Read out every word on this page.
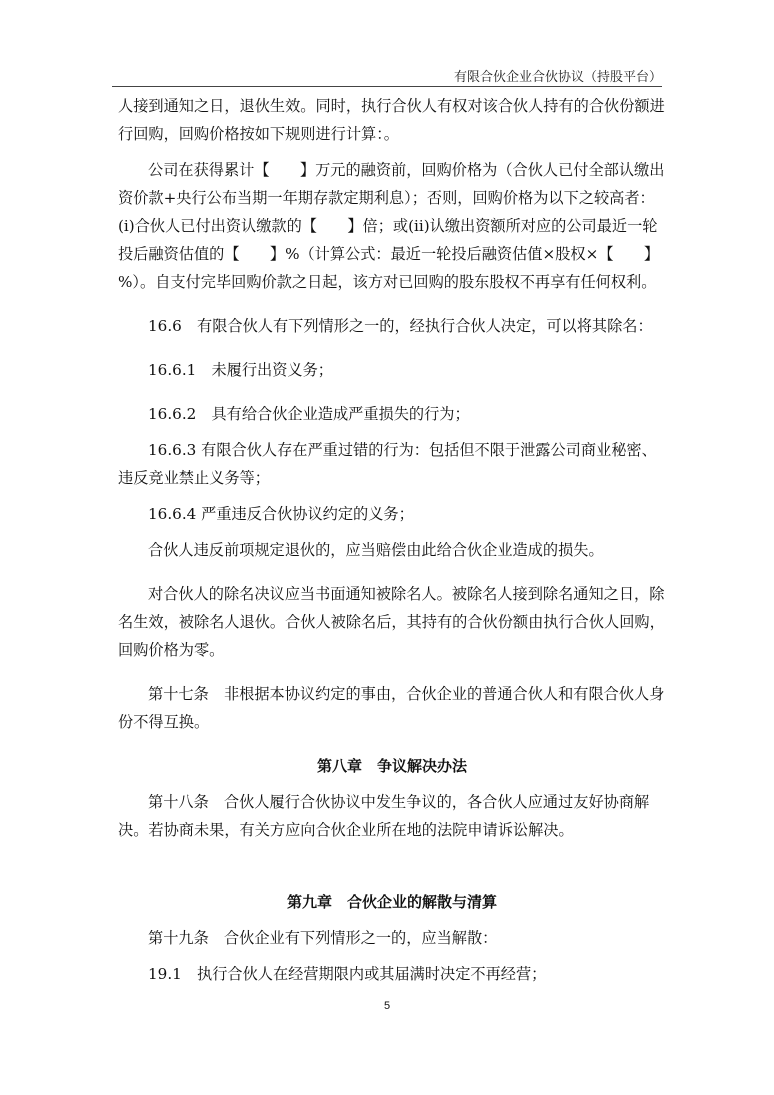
有限合伙企业合伙协议（持股平台）

人接到通知之日，退伙生效。同时，执行合伙人有权对该合伙人持有的合伙份额进行回购，回购价格按如下规则进行计算：。

公司在获得累计【　　】万元的融资前，回购价格为（合伙人已付全部认缴出资价款+央行公布当期一年期存款定期利息）；否则，回购价格为以下之较高者：(i)合伙人已付出资认缴款的【　　】倍；或(ii)认缴出资额所对应的公司最近一轮投后融资估值的【　　】%（计算公式：最近一轮投后融资估值×股权×【　　】%）。自支付完毕回购价款之日起，该方对已回购的股东股权不再享有任何权利。

16.6　有限合伙人有下列情形之一的，经执行合伙人决定，可以将其除名：

16.6.1　未履行出资义务；

16.6.2　具有给合伙企业造成严重损失的行为；

16.6.3 有限合伙人存在严重过错的行为：包括但不限于泄露公司商业秘密、违反竞业禁止义务等；

16.6.4 严重违反合伙协议约定的义务；

合伙人违反前项规定退伙的，应当赔偿由此给合伙企业造成的损失。

对合伙人的除名决议应当书面通知被除名人。被除名人接到除名通知之日，除名生效，被除名人退伙。合伙人被除名后，其持有的合伙份额由执行合伙人回购，回购价格为零。

第十七条　非根据本协议约定的事由，合伙企业的普通合伙人和有限合伙人身份不得互换。

第八章　争议解决办法

第十八条　合伙人履行合伙协议中发生争议的，各合伙人应通过友好协商解决。若协商未果，有关方应向合伙企业所在地的法院申请诉讼解决。

第九章　合伙企业的解散与清算

第十九条　合伙企业有下列情形之一的，应当解散：

19.1　执行合伙人在经营期限内或其届满时决定不再经营；

5
